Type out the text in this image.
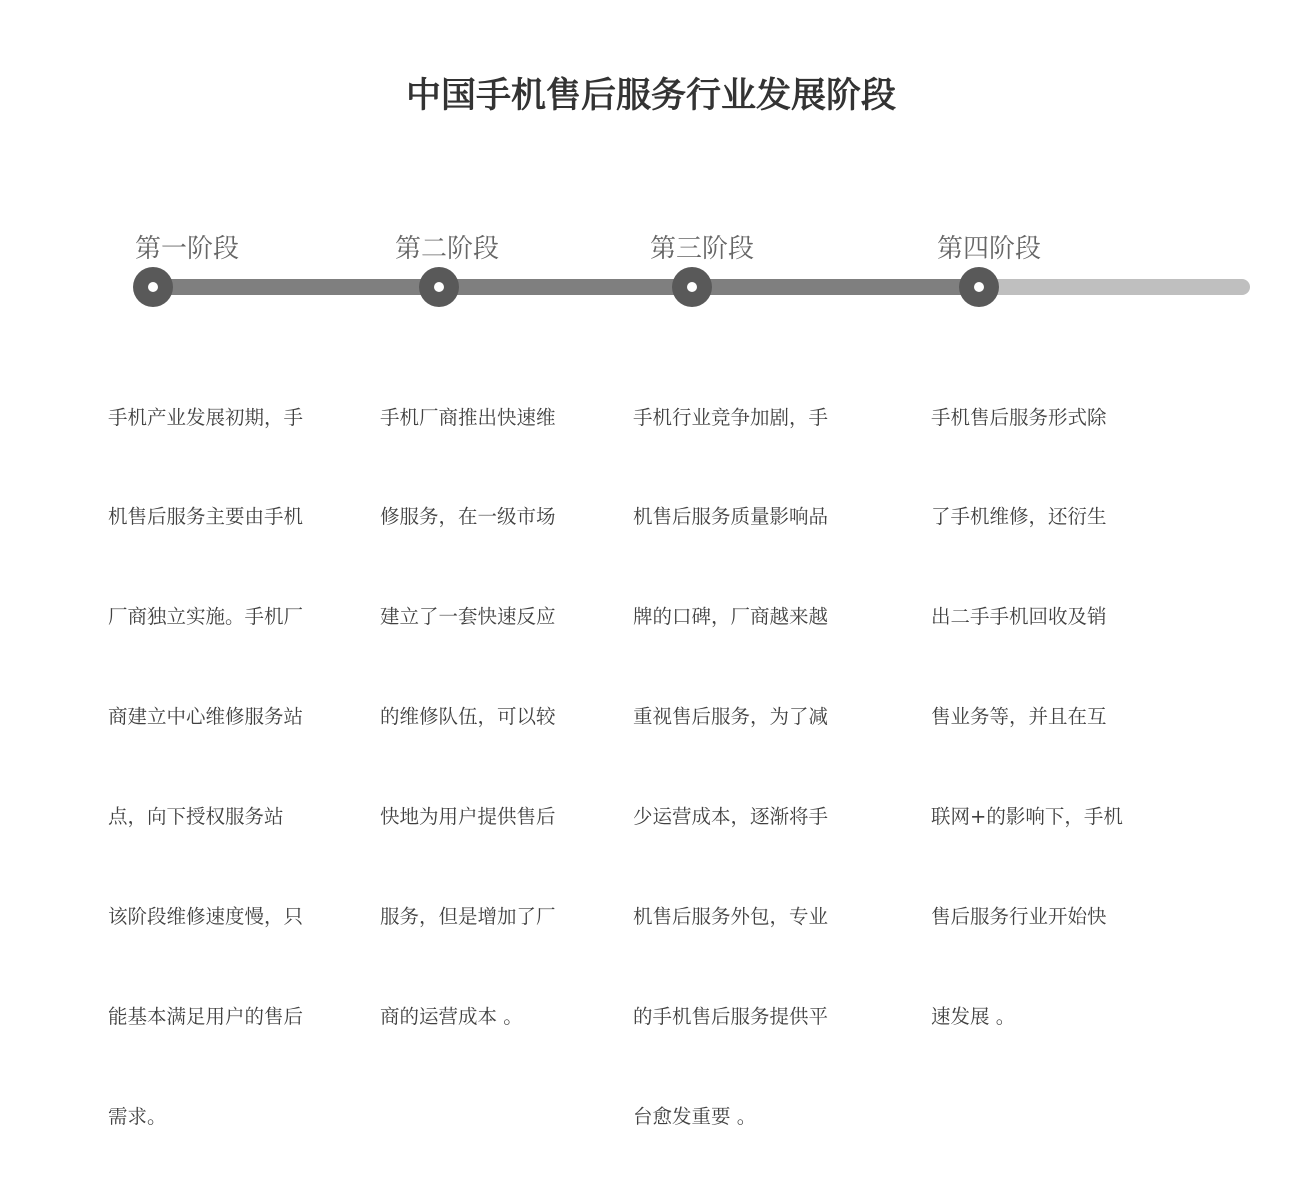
中国手机售后服务行业发展阶段
第一阶段	第二阶段	第三阶段	第四阶段

手机产业发展初期，手

机售后服务主要由手机

厂商独立实施。手机厂

商建立中心维修服务站

点，向下授权服务站

该阶段维修速度慢，只

能基本满足用户的售后

需求。

手机厂商推出快速维

修服务，在一级市场

建立了一套快速反应

的维修队伍，可以较

快地为用户提供售后

服务，但是增加了厂

商的运营成本 。

手机行业竞争加剧，手

机售后服务质量影响品

牌的口碑，厂商越来越

重视售后服务，为了减

少运营成本，逐渐将手

机售后服务外包，专业

的手机售后服务提供平

台愈发重要 。

手机售后服务形式除

了手机维修，还衍生

出二手手机回收及销

售业务等，并且在互

联网+的影响下，手机

售后服务行业开始快

速发展 。
